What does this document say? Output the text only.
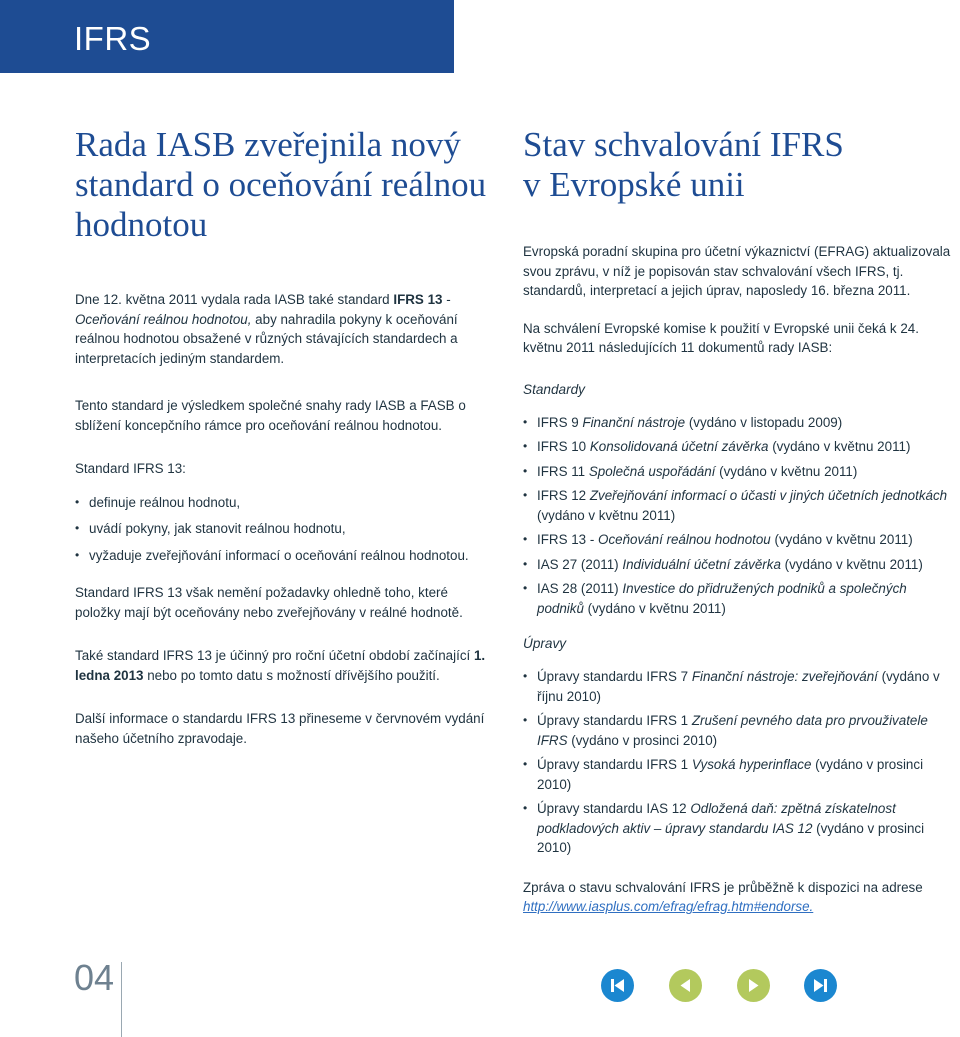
IFRS
Rada IASB zveřejnila nový
standard o oceňování reálnou
hodnotou

Dne 12. května 2011 vydala rada IASB také standard IFRS 13 - Oceňování reálnou hodnotou, aby nahradila pokyny k oceňování reálnou hodnotou obsažené v různých stávajících standardech a interpretacích jediným standardem.

Tento standard je výsledkem společné snahy rady IASB a FASB o sblížení koncepčního rámce pro oceňování reálnou hodnotou.

Standard IFRS 13:

• definuje reálnou hodnotu,
• uvádí pokyny, jak stanovit reálnou hodnotu,
• vyžaduje zveřejňování informací o oceňování reálnou hodnotou.

Standard IFRS 13 však nemění požadavky ohledně toho, které položky mají být oceňovány nebo zveřejňovány v reálné hodnotě.

Také standard IFRS 13 je účinný pro roční účetní období začínající 1. ledna 2013 nebo po tomto datu s možností dřívějšího použití.

Další informace o standardu IFRS 13 přineseme v červnovém vydání našeho účetního zpravodaje.

Stav schvalování IFRS
v Evropské unii

Evropská poradní skupina pro účetní výkaznictví (EFRAG) aktualizovala svou zprávu, v níž je popisován stav schvalování všech IFRS, tj. standardů, interpretací a jejich úprav, naposledy 16. března 2011.

Na schválení Evropské komise k použití v Evropské unii čeká k 24. květnu 2011 následujících 11 dokumentů rady IASB:

Standardy
• IFRS 9 Finanční nástroje (vydáno v listopadu 2009)
• IFRS 10 Konsolidovaná účetní závěrka (vydáno v květnu 2011)
• IFRS 11 Společná uspořádání (vydáno v květnu 2011)
• IFRS 12 Zveřejňování informací o účasti v jiných účetních jednotkách (vydáno v květnu 2011)
• IFRS 13 - Oceňování reálnou hodnotou (vydáno v květnu 2011)
• IAS 27 (2011) Individuální účetní závěrka (vydáno v květnu 2011)
• IAS 28 (2011) Investice do přidružených podniků a společných podniků (vydáno v květnu 2011)
Úpravy
• Úpravy standardu IFRS 7 Finanční nástroje: zveřejňování (vydáno v říjnu 2010)
• Úpravy standardu IFRS 1 Zrušení pevného data pro prvouživatele IFRS (vydáno v prosinci 2010)
• Úpravy standardu IFRS 1 Vysoká hyperinflace (vydáno v prosinci 2010)
• Úpravy standardu IAS 12 Odložená daň: zpětná získatelnost podkladových aktiv – úpravy standardu IAS 12 (vydáno v prosinci 2010)

Zpráva o stavu schvalování IFRS je průběžně k dispozici na adrese
http://www.iasplus.com/efrag/efrag.htm#endorse.

04
